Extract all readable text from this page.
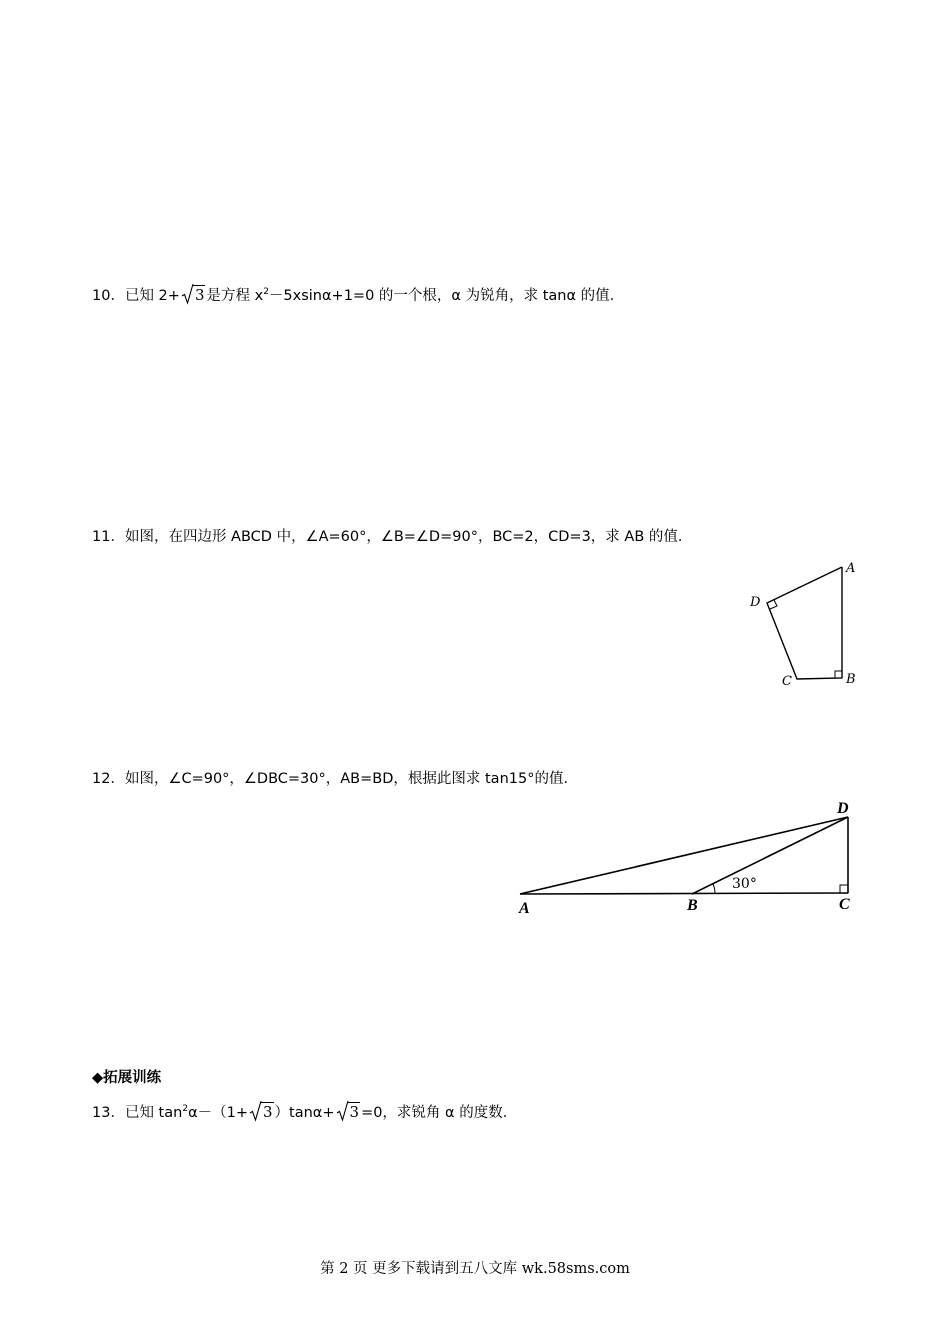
10．已知 2+ 3 是方程 $x^2-5xsin\alpha+1=0$ 的一个根，α 为锐角，求 tanα 的值．
11．如图，在四边形 ABCD 中，∠A=60°，∠B=∠D=90°，BC=2，CD=3，求 AB 的值．
A
B
C
D
12．如图，∠C=90°，∠DBC=30°，AB=BD，根据此图求 tan15°的值．
30°
A	B	C
D
◆拓展训练
13．已知 $\tan^2\alpha-(1+ 3$ ）tanα+ 3 =0，求锐角 α 的度数．
第 2 页 更多下载请到五八文库 wk.58sms.com
